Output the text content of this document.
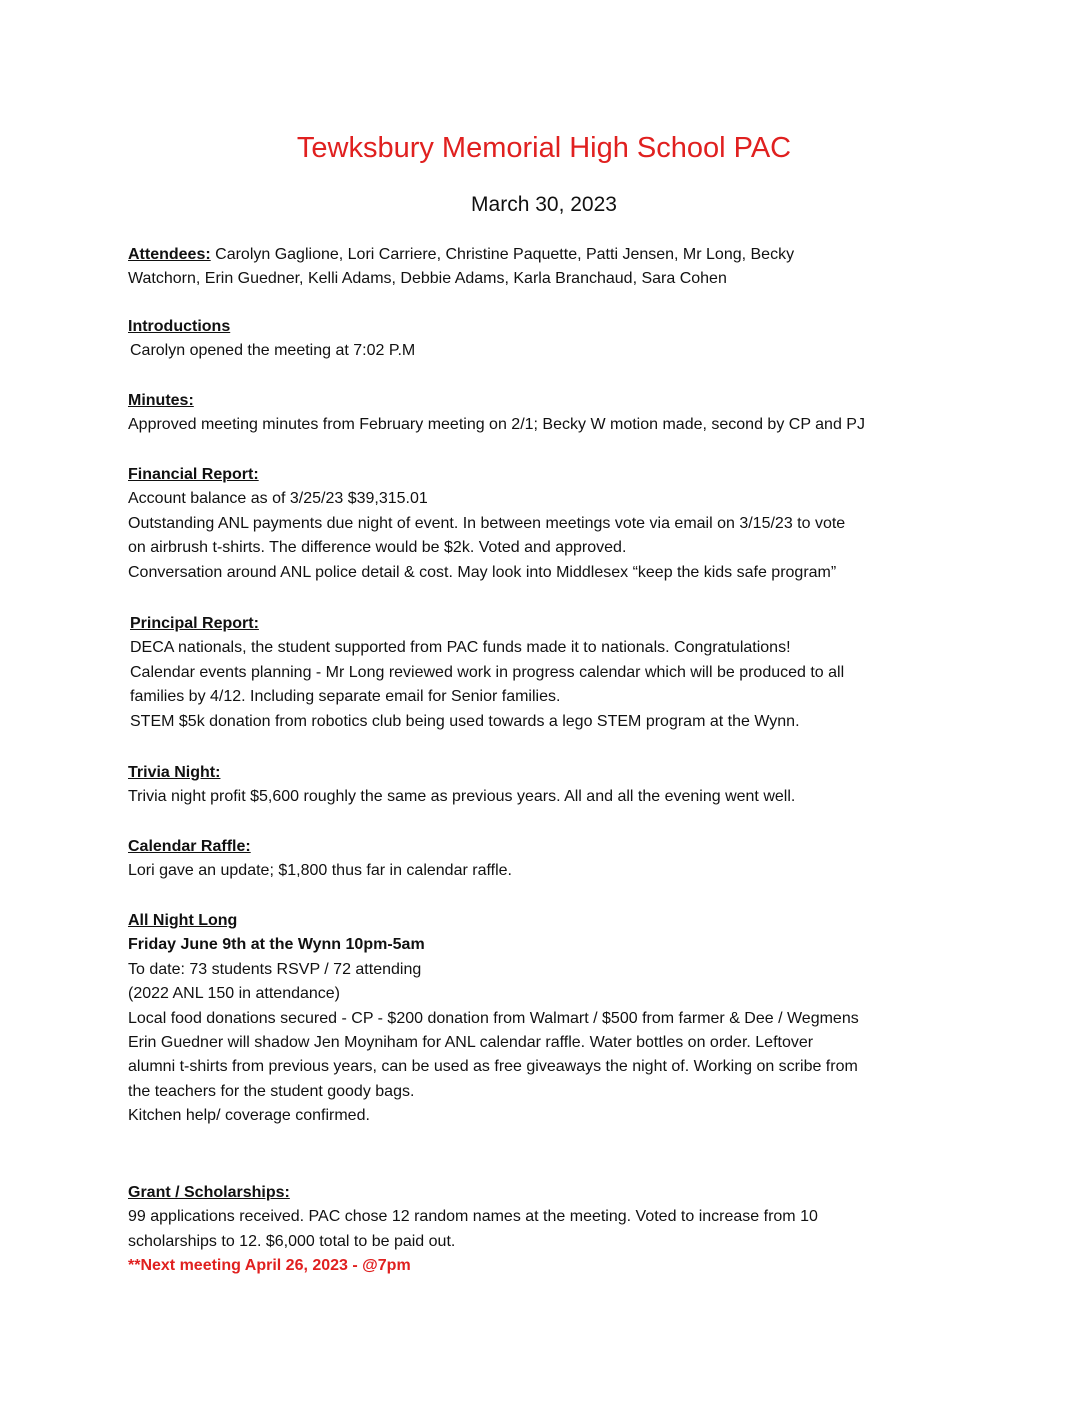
Tewksbury Memorial High School PAC
March 30, 2023
Attendees: Carolyn Gaglione, Lori Carriere, Christine Paquette, Patti Jensen, Mr Long, Becky
Watchorn, Erin Guedner, Kelli Adams, Debbie Adams, Karla Branchaud, Sara Cohen
Introductions
Carolyn opened the meeting at 7:02 P.M
Minutes:
Approved meeting minutes from February meeting on 2/1; Becky W motion made, second by CP and PJ
Financial Report:
Account balance as of 3/25/23 $39,315.01
Outstanding ANL payments due night of event. In between meetings vote via email on 3/15/23 to vote
on airbrush t-shirts. The difference would be $2k. Voted and approved.
Conversation around ANL police detail & cost. May look into Middlesex “keep the kids safe program”
Principal Report:
DECA nationals, the student supported from PAC funds made it to nationals. Congratulations!
Calendar events planning - Mr Long reviewed work in progress calendar which will be produced to all
families by 4/12. Including separate email for Senior families.
STEM $5k donation from robotics club being used towards a lego STEM program at the Wynn.
Trivia Night:
Trivia night profit $5,600 roughly the same as previous years. All and all the evening went well.
Calendar Raffle:
Lori gave an update; $1,800 thus far in calendar raffle.
All Night Long
Friday June 9th at the Wynn 10pm-5am
To date: 73 students RSVP / 72 attending
(2022 ANL 150 in attendance)
Local food donations secured - CP - $200 donation from Walmart / $500 from farmer & Dee / Wegmens
Erin Guedner will shadow Jen Moyniham for ANL calendar raffle. Water bottles on order. Leftover
alumni t-shirts from previous years, can be used as free giveaways the night of. Working on scribe from
the teachers for the student goody bags.
Kitchen help/ coverage confirmed.
Grant / Scholarships:
99 applications received. PAC chose 12 random names at the meeting. Voted to increase from 10
scholarships to 12. $6,000 total to be paid out.
**Next meeting April 26, 2023 - @7pm
